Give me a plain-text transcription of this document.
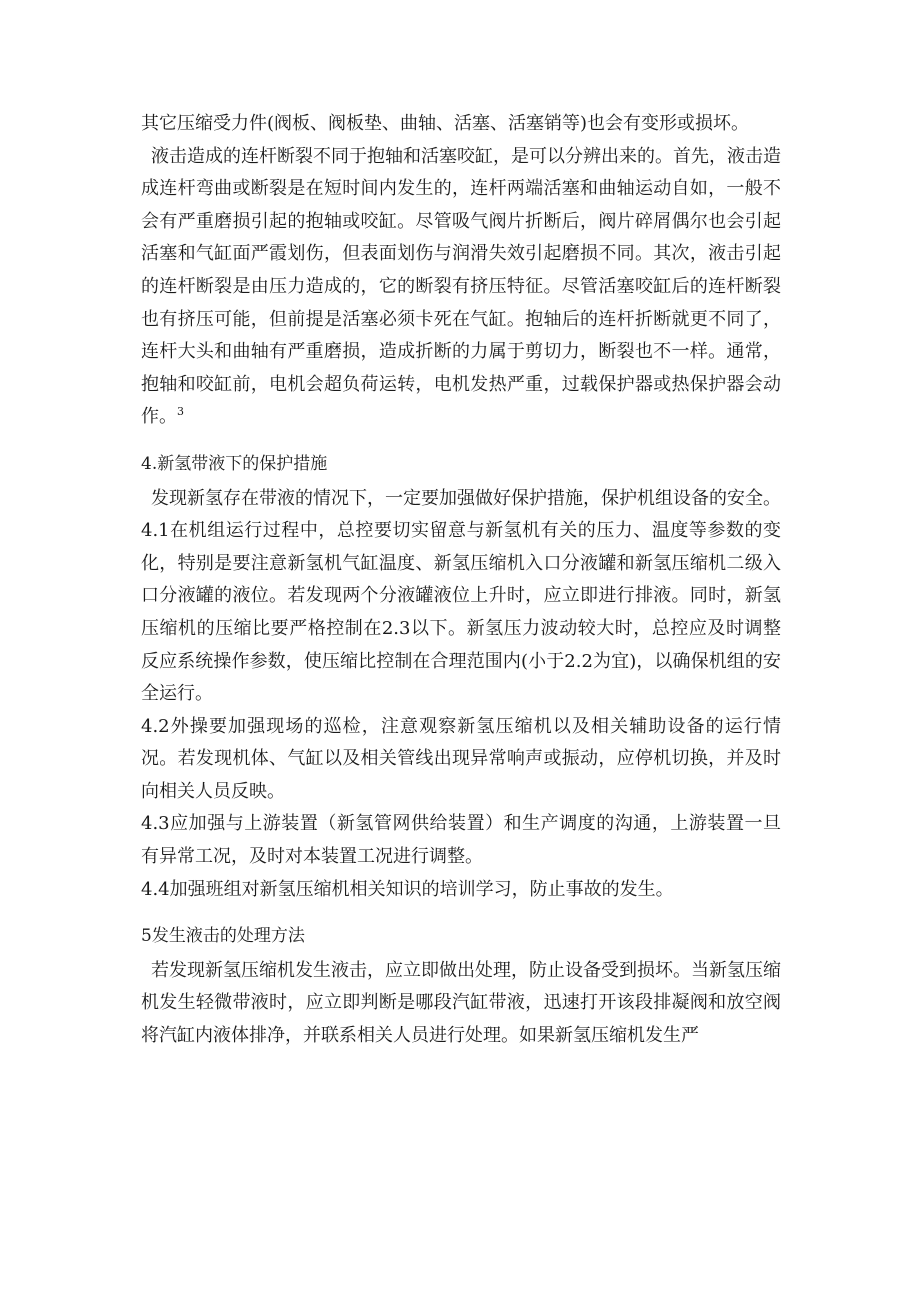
其它压缩受力件(阀板、阀板垫、曲轴、活塞、活塞销等)也会有变形或损坏。

液击造成的连杆断裂不同于抱轴和活塞咬缸，是可以分辨出来的。首先，液击造成连杆弯曲或断裂是在短时间内发生的，连杆两端活塞和曲轴运动自如，一般不会有严重磨损引起的抱轴或咬缸。尽管吸气阀片折断后，阀片碎屑偶尔也会引起活塞和气缸面严霞划伤，但表面划伤与润滑失效引起磨损不同。其次，液击引起的连杆断裂是由压力造成的，它的断裂有挤压特征。尽管活塞咬缸后的连杆断裂也有挤压可能，但前提是活塞必须卡死在气缸。抱轴后的连杆折断就更不同了，连杆大头和曲轴有严重磨损，造成折断的力属于剪切力，断裂也不一样。通常，抱轴和咬缸前，电机会超负荷运转，电机发热严重，过载保护器或热保护器会动作。$^3$

4.新氢带液下的保护措施

发现新氢存在带液的情况下，一定要加强做好保护措施，保护机组设备的安全。

4.1在机组运行过程中，总控要切实留意与新氢机有关的压力、温度等参数的变化，特别是要注意新氢机气缸温度、新氢压缩机入口分液罐和新氢压缩机二级入口分液罐的液位。若发现两个分液罐液位上升时，应立即进行排液。同时，新氢压缩机的压缩比要严格控制在2.3以下。新氢压力波动较大时，总控应及时调整反应系统操作参数，使压缩比控制在合理范围内(小于2.2为宜)，以确保机组的安全运行。

4.2外操要加强现场的巡检，注意观察新氢压缩机以及相关辅助设备的运行情况。若发现机体、气缸以及相关管线出现异常响声或振动，应停机切换，并及时向相关人员反映。

4.3应加强与上游装置（新氢管网供给装置）和生产调度的沟通，上游装置一旦有异常工况，及时对本装置工况进行调整。

4.4加强班组对新氢压缩机相关知识的培训学习，防止事故的发生。

5发生液击的处理方法

若发现新氢压缩机发生液击，应立即做出处理，防止设备受到损坏。当新氢压缩机发生轻微带液时，应立即判断是哪段汽缸带液，迅速打开该段排凝阀和放空阀将汽缸内液体排净，并联系相关人员进行处理。如果新氢压缩机发生严
